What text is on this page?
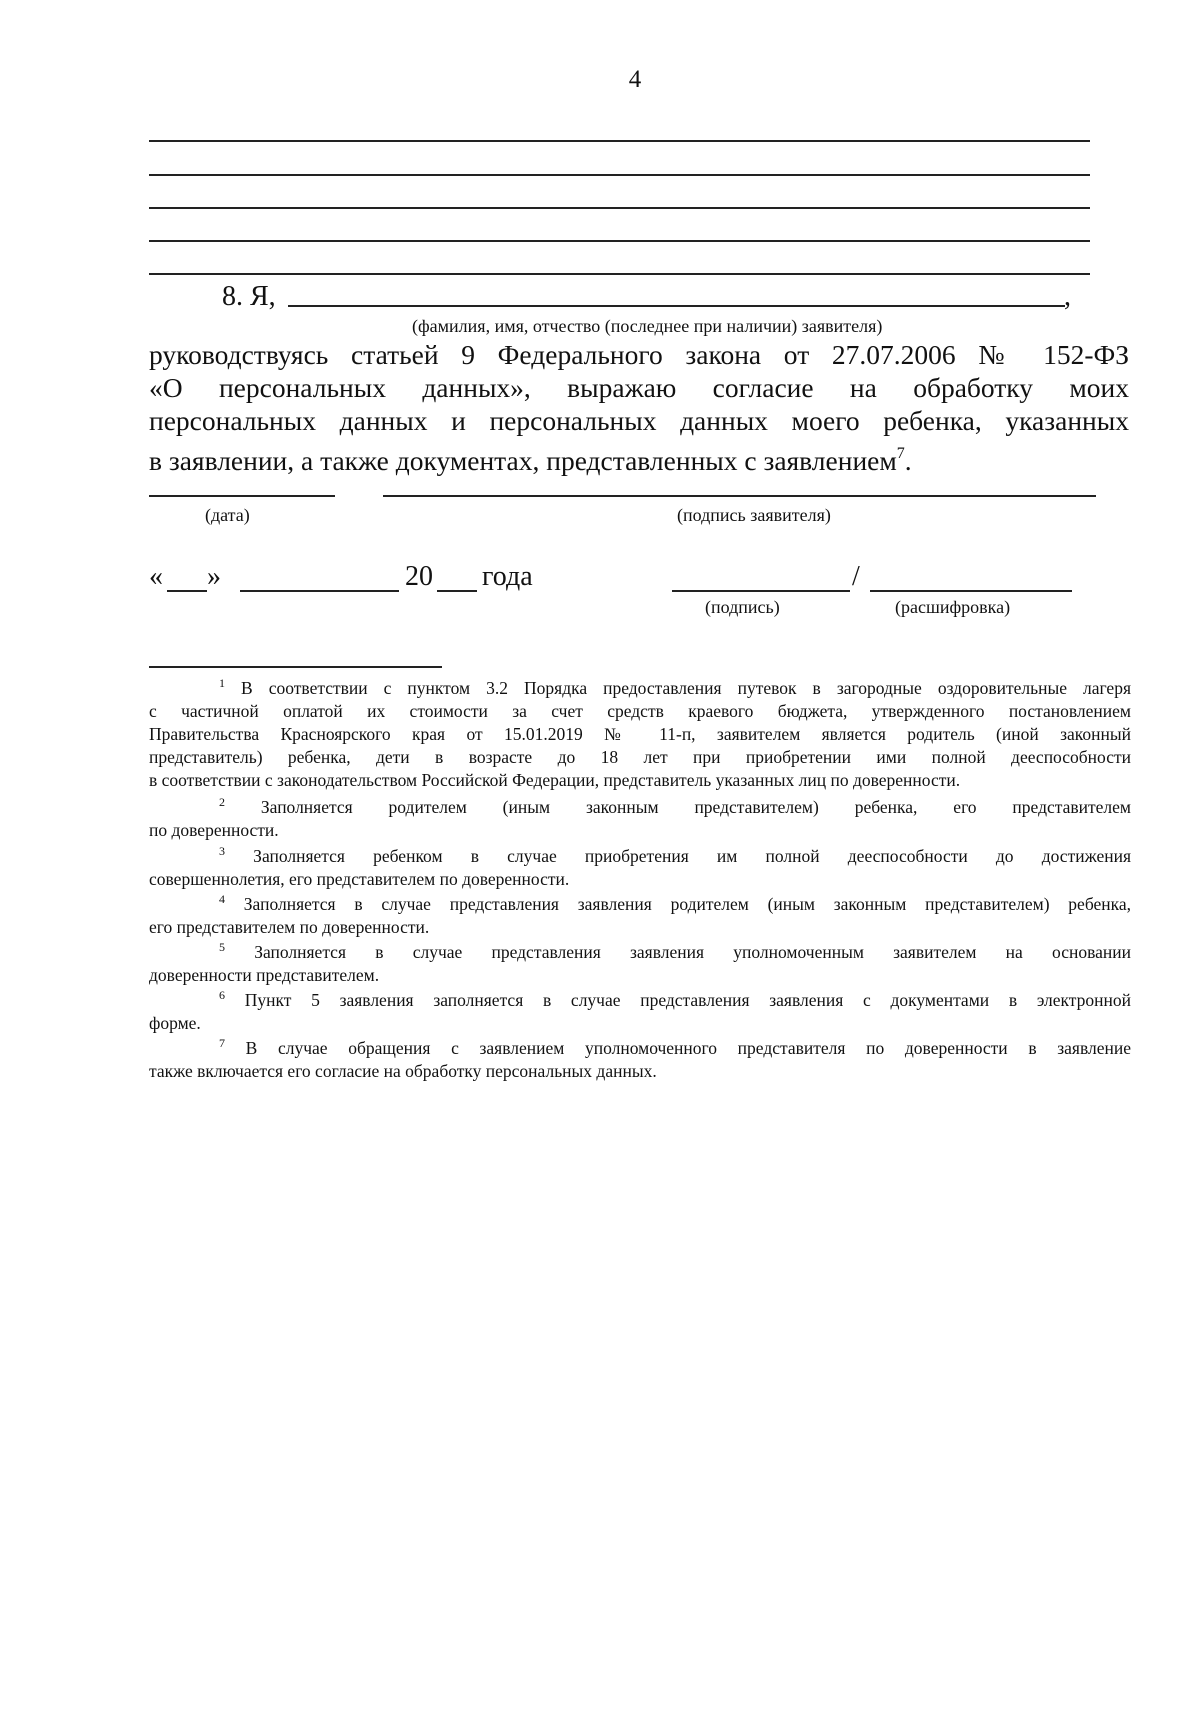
4
8. Я,	,
(фамилия, имя, отчество (последнее при наличии) заявителя)
руководствуясь статьей 9 Федерального закона от 27.07.2006 № 152-ФЗ
«О персональных данных», выражаю согласие на обработку моих
персональных данных и персональных данных моего ребенка, указанных
в заявлении, а также документах, представленных с заявлением$^7$.
(дата)	(подпись заявителя)
« »	20 года	/
(подпись)	(расшифровка)
$^1$ В соответствии с пунктом 3.2 Порядка предоставления путевок в загородные оздоровительные лагеря
с частичной оплатой их стоимости за счет средств краевого бюджета, утвержденного постановлением
Правительства Красноярского края от 15.01.2019 № 11-п, заявителем является родитель (иной законный
представитель) ребенка, дети в возрасте до 18 лет при приобретении ими полной дееспособности
в соответствии с законодательством Российской Федерации, представитель указанных лиц по доверенности.
$^2$ Заполняется родителем (иным законным представителем) ребенка, его представителем
по доверенности.
$^3$ Заполняется ребенком в случае приобретения им полной дееспособности до достижения
совершеннолетия, его представителем по доверенности.
$^4$ Заполняется в случае представления заявления родителем (иным законным представителем) ребенка,
его представителем по доверенности.
$^5$ Заполняется в случае представления заявления уполномоченным заявителем на основании
доверенности представителем.
$^6$ Пункт 5 заявления заполняется в случае представления заявления с документами в электронной
форме.
$^7$ В случае обращения с заявлением уполномоченного представителя по доверенности в заявление
также включается его согласие на обработку персональных данных.
